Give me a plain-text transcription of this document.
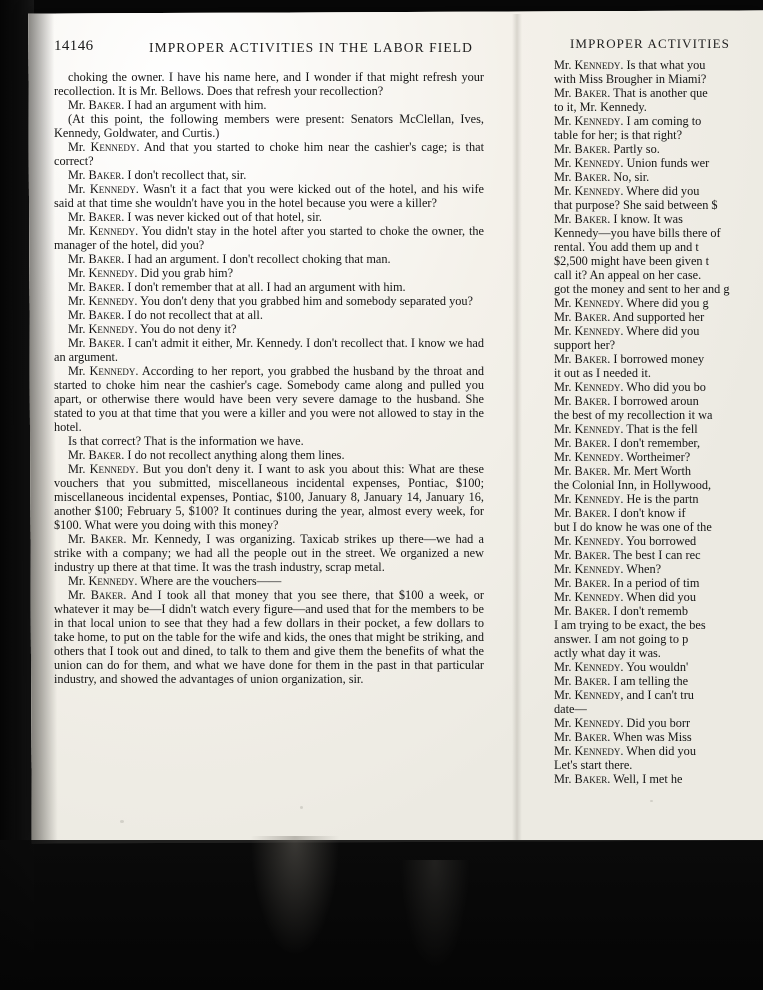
14146	IMPROPER ACTIVITIES IN THE LABOR FIELD

choking the owner. I have his name here, and I wonder if that might refresh your recollection. It is Mr. Bellows. Does that refresh your recollection?

Mr. Baker. I had an argument with him.

(At this point, the following members were present: Senators McClellan, Ives, Kennedy, Goldwater, and Curtis.)

Mr. Kennedy. And that you started to choke him near the cashier's cage; is that correct?

Mr. Baker. I don't recollect that, sir.

Mr. Kennedy. Wasn't it a fact that you were kicked out of the hotel, and his wife said at that time she wouldn't have you in the hotel because you were a killer?

Mr. Baker. I was never kicked out of that hotel, sir.

Mr. Kennedy. You didn't stay in the hotel after you started to choke the owner, the manager of the hotel, did you?

Mr. Baker. I had an argument. I don't recollect choking that man.

Mr. Kennedy. Did you grab him?

Mr. Baker. I don't remember that at all. I had an argument with him.

Mr. Kennedy. You don't deny that you grabbed him and somebody separated you?

Mr. Baker. I do not recollect that at all.

Mr. Kennedy. You do not deny it?

Mr. Baker. I can't admit it either, Mr. Kennedy. I don't recollect that. I know we had an argument.

Mr. Kennedy. According to her report, you grabbed the husband by the throat and started to choke him near the cashier's cage. Somebody came along and pulled you apart, or otherwise there would have been very severe damage to the husband. She stated to you at that time that you were a killer and you were not allowed to stay in the hotel.

Is that correct? That is the information we have.

Mr. Baker. I do not recollect anything along them lines.

Mr. Kennedy. But you don't deny it. I want to ask you about this: What are these vouchers that you submitted, miscellaneous incidental expenses, Pontiac, $100; miscellaneous incidental expenses, Pontiac, $100, January 8, January 14, January 16, another $100; February 5, $100? It continues during the year, almost every week, for $100. What were you doing with this money?

Mr. Baker. Mr. Kennedy, I was organizing. Taxicab strikes up there—we had a strike with a company; we had all the people out in the street. We organized a new industry up there at that time. It was the trash industry, scrap metal.

Mr. Kennedy. Where are the vouchers——

Mr. Baker. And I took all that money that you see there, that $100 a week, or whatever it may be—I didn't watch every figure—and used that for the members to be in that local union to see that they had a few dollars in their pocket, a few dollars to take home, to put on the table for the wife and kids, the ones that might be striking, and others that I took out and dined, to talk to them and give them the benefits of what the union can do for them, and what we have done for them in the past in that particular industry, and showed the advantages of union organization, sir.

IMPROPER ACTIVITIES

Mr. Kennedy. Is that what you

with Miss Brougher in Miami?

Mr. Baker. That is another que

to it, Mr. Kennedy.

Mr. Kennedy. I am coming to

table for her; is that right?

Mr. Baker. Partly so.

Mr. Kennedy. Union funds wer

Mr. Baker. No, sir.

Mr. Kennedy. Where did you

that purpose? She said between $

Mr. Baker. I know. It was

Kennedy—you have bills there of

rental. You add them up and t

$2,500 might have been given t

call it? An appeal on her case.

got the money and sent to her and g

Mr. Kennedy. Where did you g

Mr. Baker. And supported her

Mr. Kennedy. Where did you

support her?

Mr. Baker. I borrowed money

it out as I needed it.

Mr. Kennedy. Who did you bo

Mr. Baker. I borrowed aroun

the best of my recollection it wa

Mr. Kennedy. That is the fell

Mr. Baker. I don't remember,

Mr. Kennedy. Wortheimer?

Mr. Baker. Mr. Mert Worth

the Colonial Inn, in Hollywood,

Mr. Kennedy. He is the partn

Mr. Baker. I don't know if

but I do know he was one of the

Mr. Kennedy. You borrowed

Mr. Baker. The best I can rec

Mr. Kennedy. When?

Mr. Baker. In a period of tim

Mr. Kennedy. When did you

Mr. Baker. I don't rememb

I am trying to be exact, the bes

answer. I am not going to p

actly what day it was.

Mr. Kennedy. You wouldn'

Mr. Baker. I am telling the

Mr. Kennedy, and I can't tru

date—

Mr. Kennedy. Did you borr

Mr. Baker. When was Miss

Mr. Kennedy. When did you

Let's start there.

Mr. Baker. Well, I met he
